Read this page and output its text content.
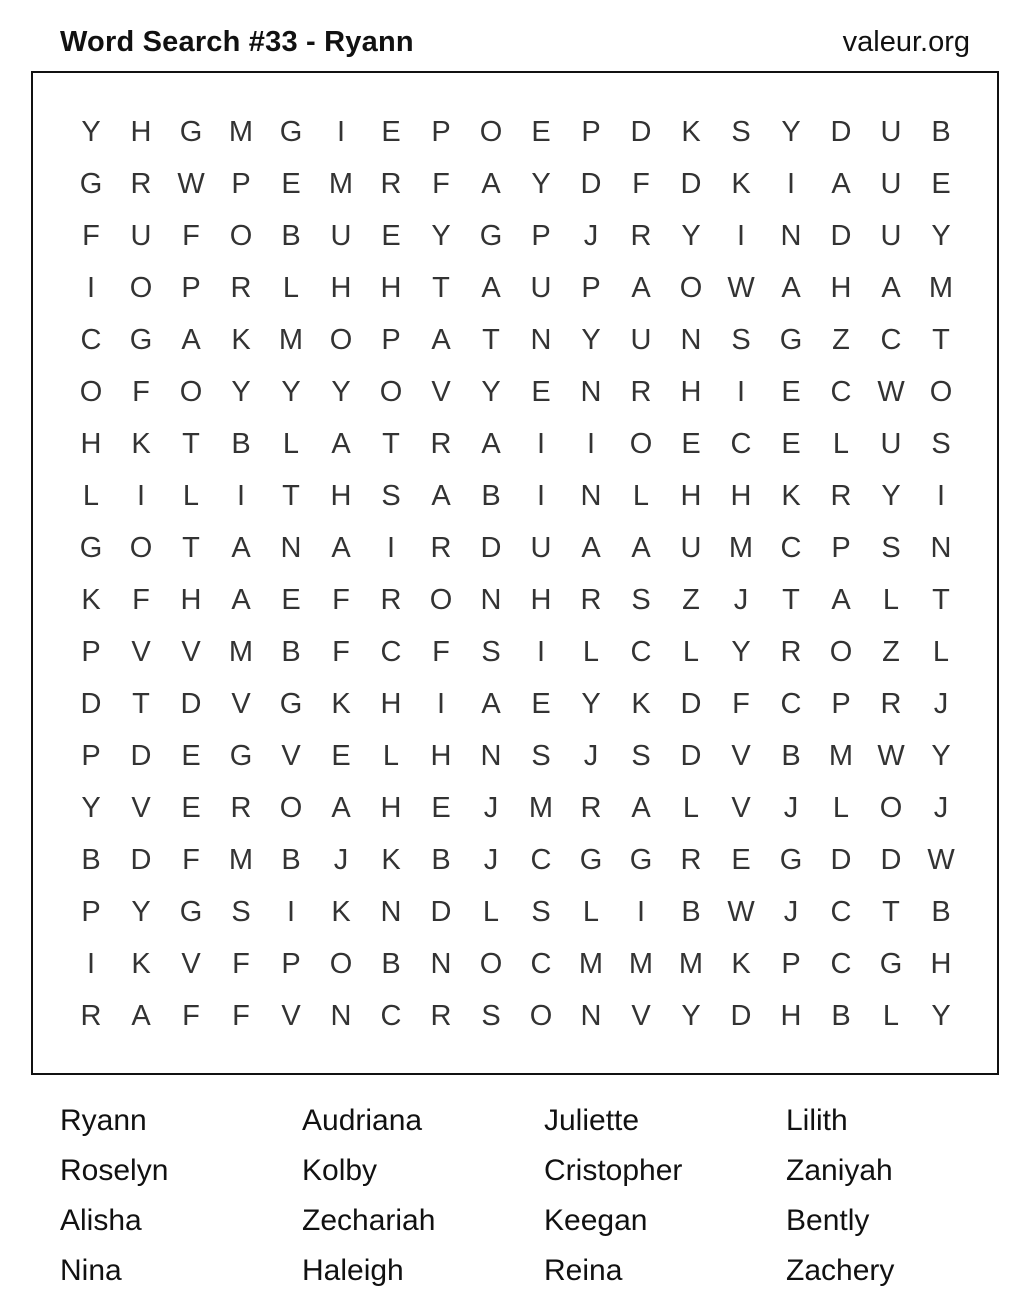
Word Search #33 - Ryann	valeur.org
Y	H G M G	I	E	P	O	E	P	D	K	S	Y	D	U	B
G R W P	E M R	F	A	Y	D	F	D	K	I	A	U	E
F	U	F	O	B	U	E	Y	G	P	J	R	Y	I	N	D	U	Y
I	O	P	R	L	H	H	T	A	U	P	A	O W A	H	A M
C G	A	K M O	P	A	T	N	Y	U	N	S	G	Z	C	T
O	F	O	Y	Y	Y	O	V	Y	E	N	R	H	I	E	C W O
H	K	T	B	L	A	T	R	A	I	I	O	E	C	E	L	U	S
L	I	L	I	T	H	S	A	B	I	N	L	H	H	K	R	Y	I
G O	T	A	N	A	I	R	D	U	A	A	U M C	P	S	N
K	F	H	A	E	F	R O N	H	R	S	Z	J	T	A	L	T
P	V	V M B	F	C	F	S	I	L	C	L	Y	R O	Z	L
D	T	D	V	G	K	H	I	A	E	Y	K	D	F	C	P	R	J
P	D	E	G	V	E	L	H	N	S	J	S	D	V	B M W Y
Y	V	E	R O	A	H	E	J	M R	A	L	V	J	L	O	J
B	D	F	M B	J	K	B	J	C G G R	E	G D	D W
P	Y	G	S	I	K	N	D	L	S	L	I	B W	J	C	T	B
I	K	V	F	P	O	B	N O C M M M K	P	C G H
R	A	F	F	V	N	C	R	S	O N	V	Y	D	H	B	L	Y
Ryann	Audriana	Juliette	Lilith
Roselyn	Kolby	Cristopher	Zaniyah
Alisha	Zechariah	Keegan	Bently
Nina	Haleigh	Reina	Zachery
